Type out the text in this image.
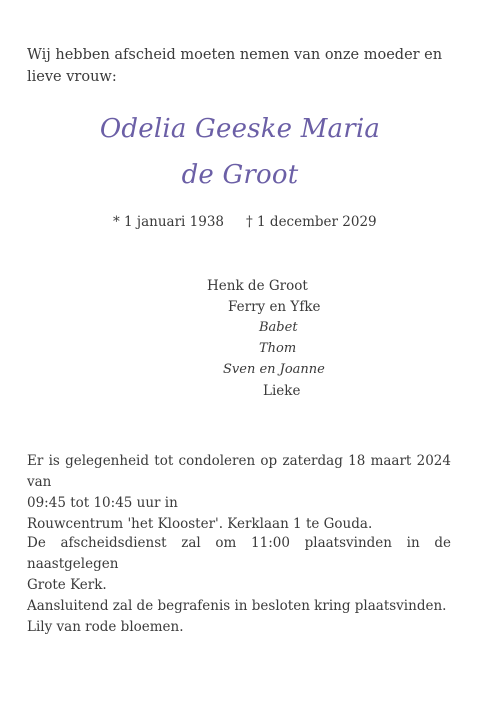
Wij hebben afscheid moeten nemen van onze moeder en
lieve vrouw:

Odelia Geeske Maria

de Groot

* 1 januari 1938 † 1 december 2029

Henk de Groot

Ferry en Yfke

Babet

Thom

Sven en Joanne

Lieke

Er is gelegenheid tot condoleren op zaterdag 18 maart 2024 van
09:45 tot 10:45 uur in
Rouwcentrum 'het Klooster'. Kerklaan 1 te Gouda.
De afscheidsdienst zal om 11:00 plaatsvinden in de naastgelegen
Grote Kerk.
Aansluitend zal de begrafenis in besloten kring plaatsvinden.
Lily van rode bloemen.
